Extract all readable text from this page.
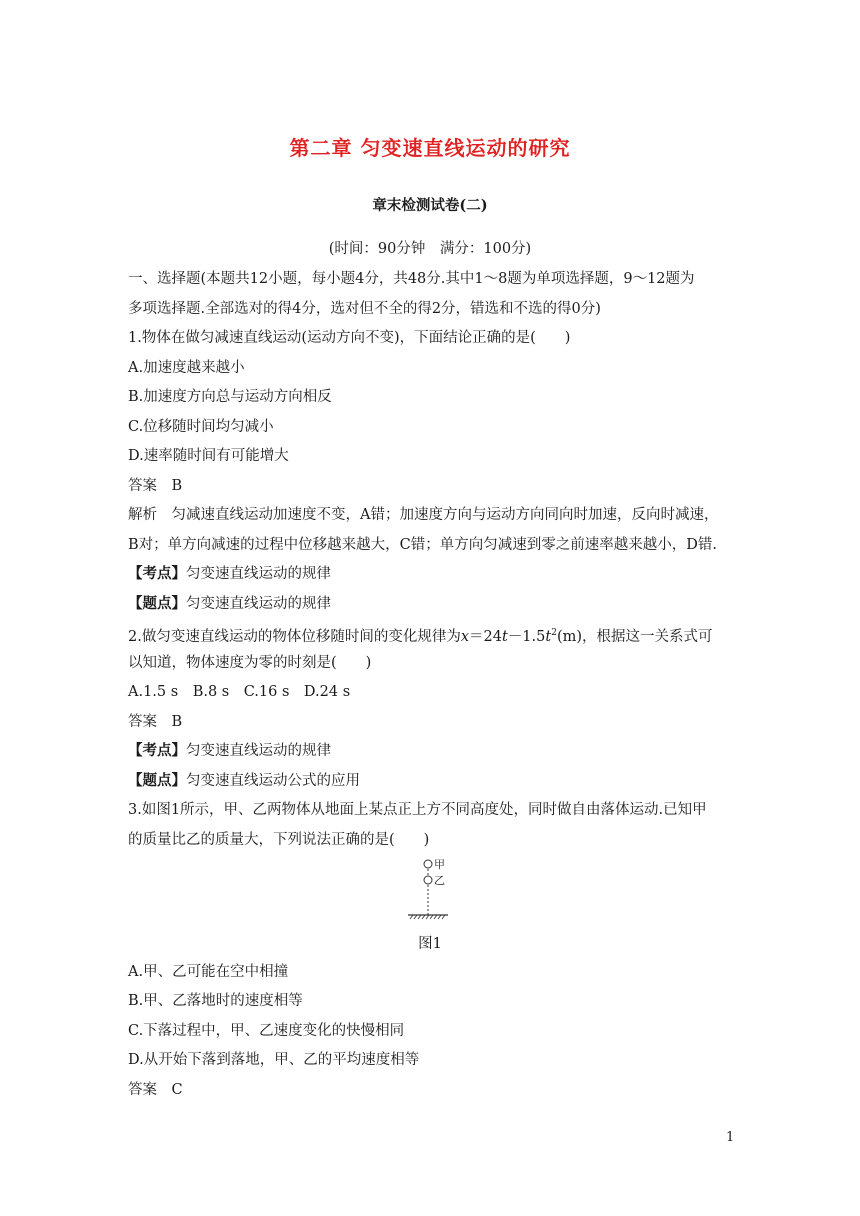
第二章 匀变速直线运动的研究
章末检测试卷(二)
(时间：90分钟　满分：100分)
一、选择题(本题共12小题，每小题4分，共48分.其中1～8题为单项选择题，9～12题为
多项选择题.全部选对的得4分，选对但不全的得2分，错选和不选的得0分)
1.物体在做匀减速直线运动(运动方向不变)，下面结论正确的是(　　)
A.加速度越来越小
B.加速度方向总与运动方向相反
C.位移随时间均匀减小
D.速率随时间有可能增大
答案　B
解析　匀减速直线运动加速度不变，A错；加速度方向与运动方向同向时加速，反向时减速，
B对；单方向减速的过程中位移越来越大，C错；单方向匀减速到零之前速率越来越小，D错.
【考点】匀变速直线运动的规律
【题点】匀变速直线运动的规律
2.做匀变速直线运动的物体位移随时间的变化规律为$x=24t-1.5t^2(m)$，根据这一关系式可
以知道，物体速度为零的时刻是(　　)
A.1.5 s　B.8 s　C.16 s　D.24 s
答案　B
【考点】匀变速直线运动的规律
【题点】匀变速直线运动公式的应用
3.如图1所示，甲、乙两物体从地面上某点正上方不同高度处，同时做自由落体运动.已知甲
的质量比乙的质量大，下列说法正确的是(　　)
甲
乙
图1
A.甲、乙可能在空中相撞
B.甲、乙落地时的速度相等
C.下落过程中，甲、乙速度变化的快慢相同
D.从开始下落到落地，甲、乙的平均速度相等
答案　C
1
